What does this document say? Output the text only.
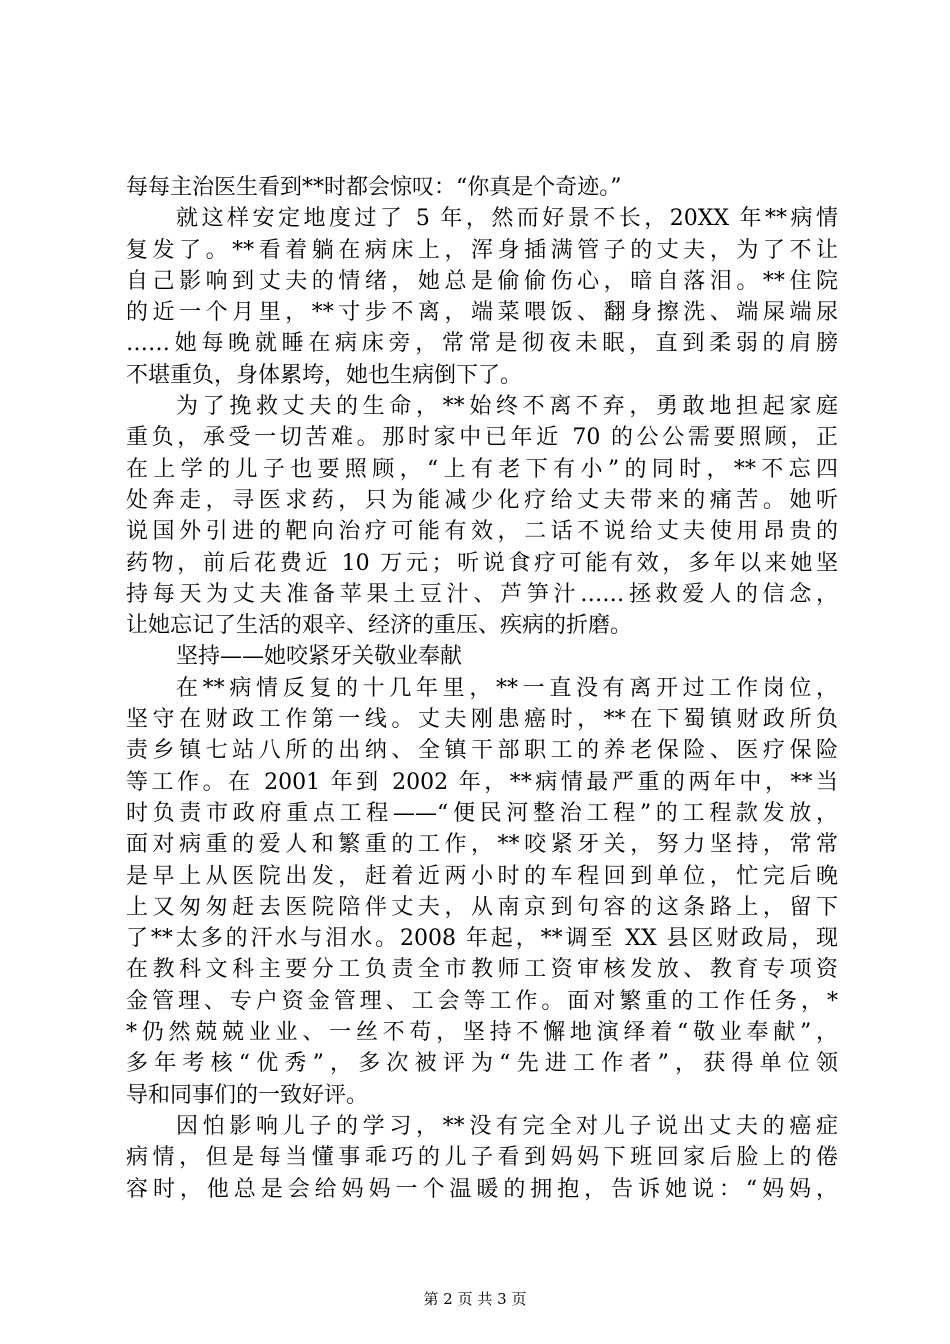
每每主治医生看到**时都会惊叹：“你真是个奇迹。”
就这样安定地度过了 5 年，然而好景不长，20XX 年**病情
复发了。**看着躺在病床上，浑身插满管子的丈夫，为了不让
自己影响到丈夫的情绪，她总是偷偷伤心，暗自落泪。**住院
的近一个月里，**寸步不离，端菜喂饭、翻身擦洗、端屎端尿
……她每晚就睡在病床旁，常常是彻夜未眠，直到柔弱的肩膀
不堪重负，身体累垮，她也生病倒下了。
为了挽救丈夫的生命，**始终不离不弃，勇敢地担起家庭
重负，承受一切苦难。那时家中已年近 70 的公公需要照顾，正
在上学的儿子也要照顾，“上有老下有小”的同时，**不忘四
处奔走，寻医求药，只为能减少化疗给丈夫带来的痛苦。她听
说国外引进的靶向治疗可能有效，二话不说给丈夫使用昂贵的
药物，前后花费近 10 万元；听说食疗可能有效，多年以来她坚
持每天为丈夫准备苹果土豆汁、芦笋汁……拯救爱人的信念，
让她忘记了生活的艰辛、经济的重压、疾病的折磨。
坚持——她咬紧牙关敬业奉献
在**病情反复的十几年里，**一直没有离开过工作岗位，
坚守在财政工作第一线。丈夫刚患癌时，**在下蜀镇财政所负
责乡镇七站八所的出纳、全镇干部职工的养老保险、医疗保险
等工作。在 2001 年到 2002 年，**病情最严重的两年中，**当
时负责市政府重点工程——“便民河整治工程”的工程款发放，
面对病重的爱人和繁重的工作，**咬紧牙关，努力坚持，常常
是早上从医院出发，赶着近两小时的车程回到单位，忙完后晚
上又匆匆赶去医院陪伴丈夫，从南京到句容的这条路上，留下
了**太多的汗水与泪水。2008 年起，**调至 XX 县区财政局，现
在教科文科主要分工负责全市教师工资审核发放、教育专项资
金管理、专户资金管理、工会等工作。面对繁重的工作任务，*
*仍然兢兢业业、一丝不苟，坚持不懈地演绎着“敬业奉献”，
多年考核“优秀”，多次被评为“先进工作者”，获得单位领
导和同事们的一致好评。
因怕影响儿子的学习，**没有完全对儿子说出丈夫的癌症
病情，但是每当懂事乖巧的儿子看到妈妈下班回家后脸上的倦
容时，他总是会给妈妈一个温暖的拥抱，告诉她说：“妈妈，
第 2 页 共 3 页
